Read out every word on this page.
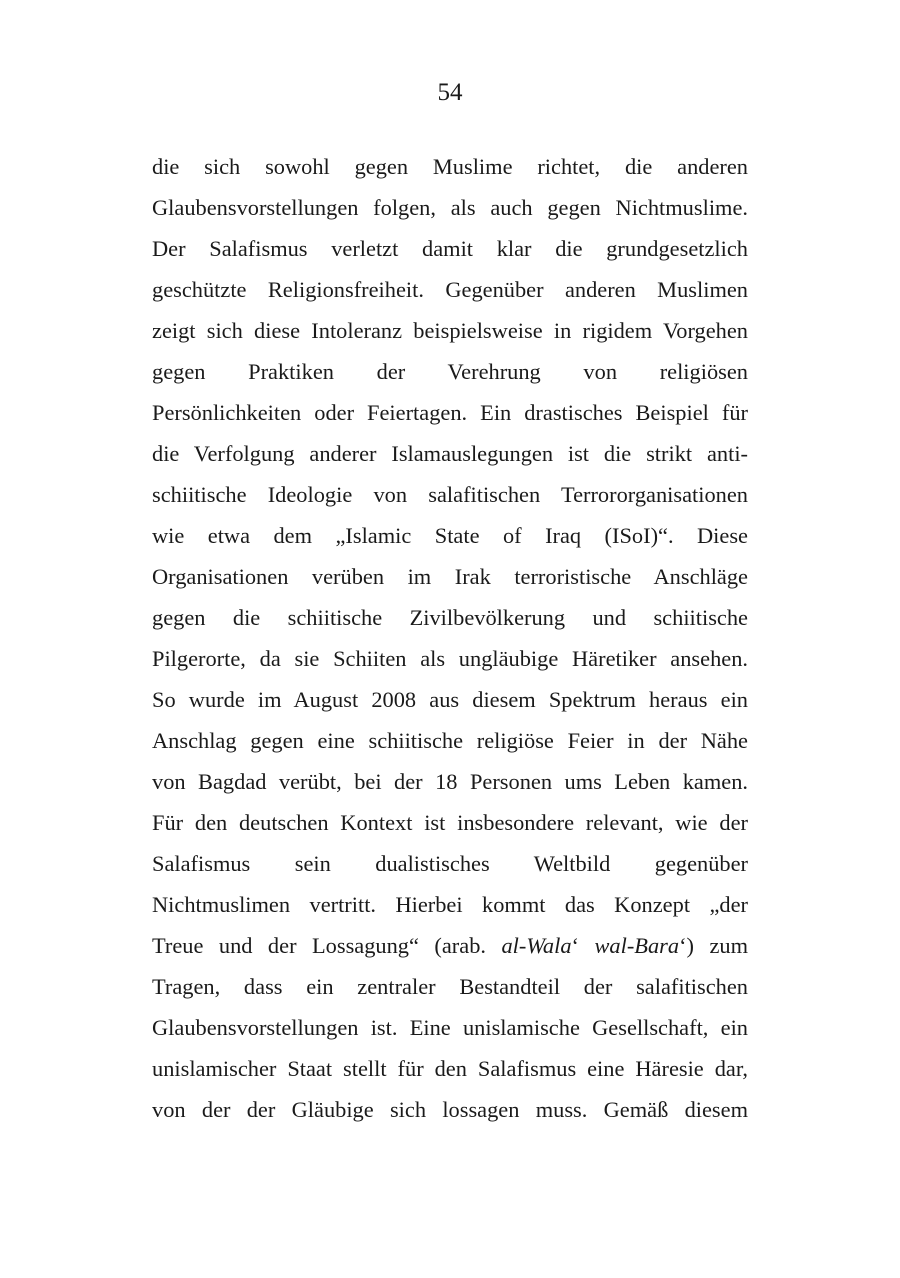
54
die sich sowohl gegen Muslime richtet, die anderen
Glaubensvorstellungen folgen, als auch gegen Nichtmuslime.
Der Salafismus verletzt damit klar die grundgesetzlich
geschützte Religionsfreiheit. Gegenüber anderen Muslimen
zeigt sich diese Intoleranz beispielsweise in rigidem Vorgehen
gegen Praktiken der Verehrung von religiösen
Persönlichkeiten oder Feiertagen. Ein drastisches Beispiel für
die Verfolgung anderer Islamauslegungen ist die strikt anti-
schiitische Ideologie von salafitischen Terrororganisationen
wie etwa dem „Islamic State of Iraq (ISoI)“. Diese
Organisationen verüben im Irak terroristische Anschläge
gegen die schiitische Zivilbevölkerung und schiitische
Pilgerorte, da sie Schiiten als ungläubige Häretiker ansehen.
So wurde im August 2008 aus diesem Spektrum heraus ein
Anschlag gegen eine schiitische religiöse Feier in der Nähe
von Bagdad verübt, bei der 18 Personen ums Leben kamen.
Für den deutschen Kontext ist insbesondere relevant, wie der
Salafismus sein dualistisches Weltbild gegenüber
Nichtmuslimen vertritt. Hierbei kommt das Konzept „der
Treue und der Lossagung“ (arab. al-Wala‘ wal-Bara‘) zum
Tragen, dass ein zentraler Bestandteil der salafitischen
Glaubensvorstellungen ist. Eine unislamische Gesellschaft, ein
unislamischer Staat stellt für den Salafismus eine Häresie dar,
von der der Gläubige sich lossagen muss. Gemäß diesem
